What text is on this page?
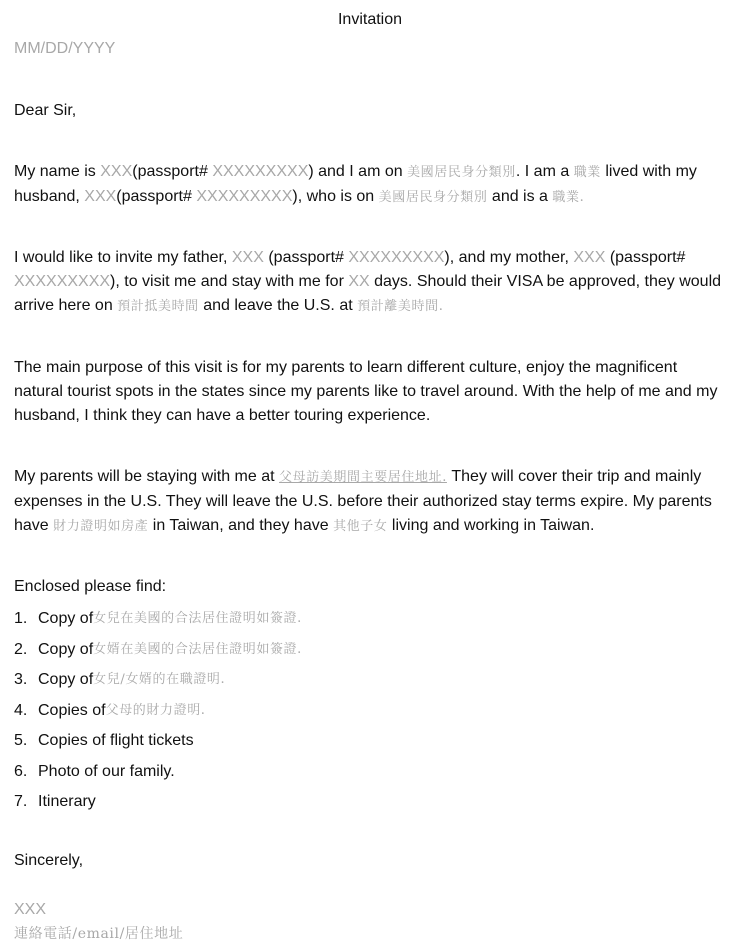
Invitation
MM/DD/YYYY
Dear Sir,
My name is XXX(passport# XXXXXXXXX) and I am on 美國居民身分類別. I am a 職業 lived with my husband, XXX(passport# XXXXXXXXX), who is on 美國居民身分類別 and is a 職業.
I would like to invite my father, XXX (passport# XXXXXXXXX), and my mother, XXX (passport# XXXXXXXXX), to visit me and stay with me for XX days. Should their VISA be approved, they would arrive here on 預計抵美時間 and leave the U.S. at 預計離美時間.
The main purpose of this visit is for my parents to learn different culture, enjoy the magnificent natural tourist spots in the states since my parents like to travel around. With the help of me and my husband, I think they can have a better touring experience.
My parents will be staying with me at 父母訪美期間主要居住地址. They will cover their trip and mainly expenses in the U.S. They will leave the U.S. before their authorized stay terms expire. My parents have 財力證明如房產 in Taiwan, and they have 其他子女 living and working in Taiwan.
Enclosed please find:
1. Copy of 女兒在美國的合法居住證明如簽證.
2. Copy of 女婿在美國的合法居住證明如簽證.
3. Copy of 女兒/女婿的在職證明.
4. Copies of 父母的財力證明.
5. Copies of flight tickets
6. Photo of our family.
7. Itinerary
Sincerely,
XXX
連絡電話/email/居住地址
